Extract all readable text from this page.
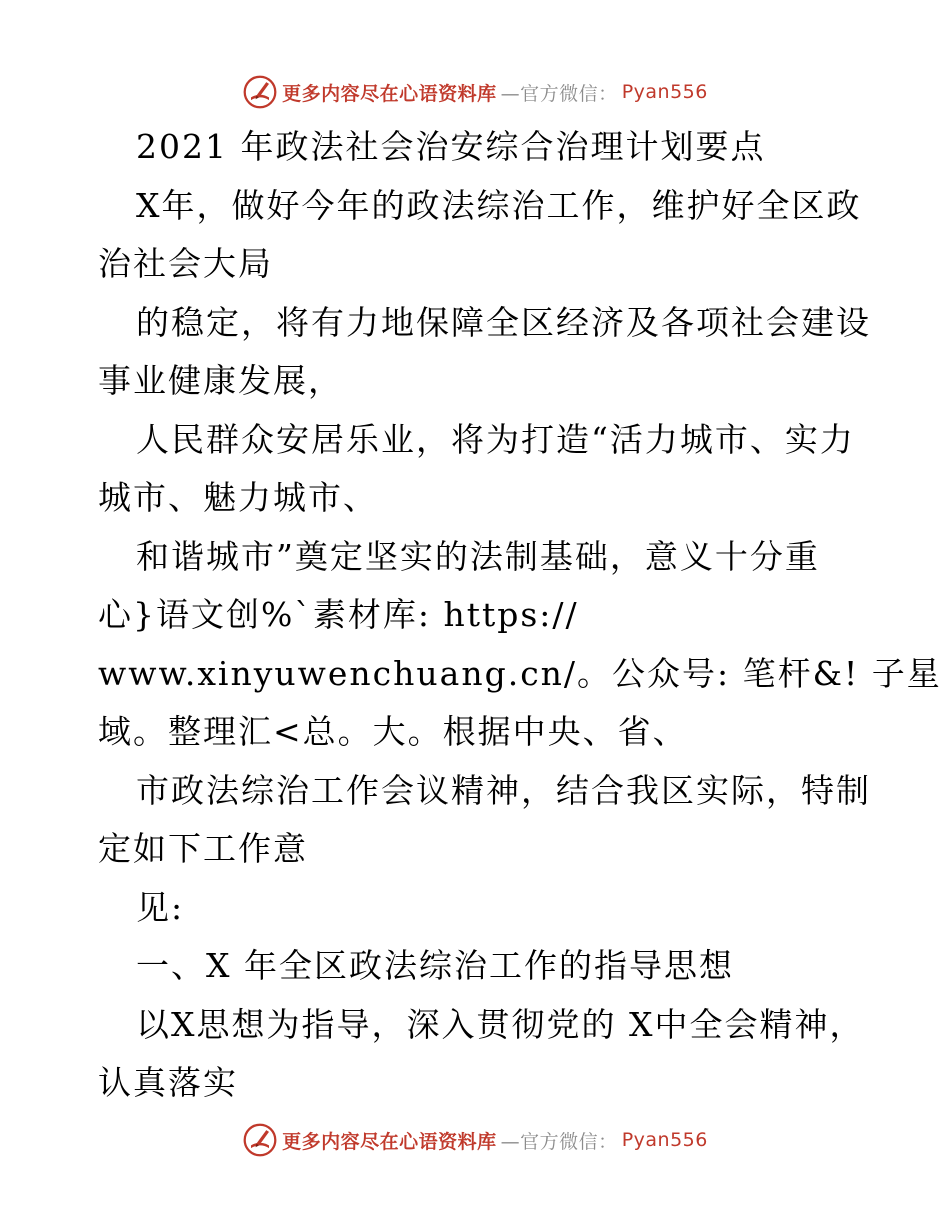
更多内容尽在心语资料库 —官方微信： Pyan556
2021 年政法社会治安综合治理计划要点
X年，做好今年的政法综治工作，维护好全区政
治社会大局
的稳定，将有力地保障全区经济及各项社会建设
事业健康发展，
人民群众安居乐业，将为打造“活力城市、实力
城市、魅力城市、
和谐城市”奠定坚实的法制基础，意义十分重
心}语文创%`素材库: https://
www.xinyuwenchuang.cn/。公众号: 笔杆&! 子星
域。整理汇<总。大。根据中央、省、
市政法综治工作会议精神，结合我区实际，特制
定如下工作意
见:
一、X 年全区政法综治工作的指导思想
以X思想为指导，深入贯彻党的 X中全会精神，
认真落实
更多内容尽在心语资料库 —官方微信： Pyan556
